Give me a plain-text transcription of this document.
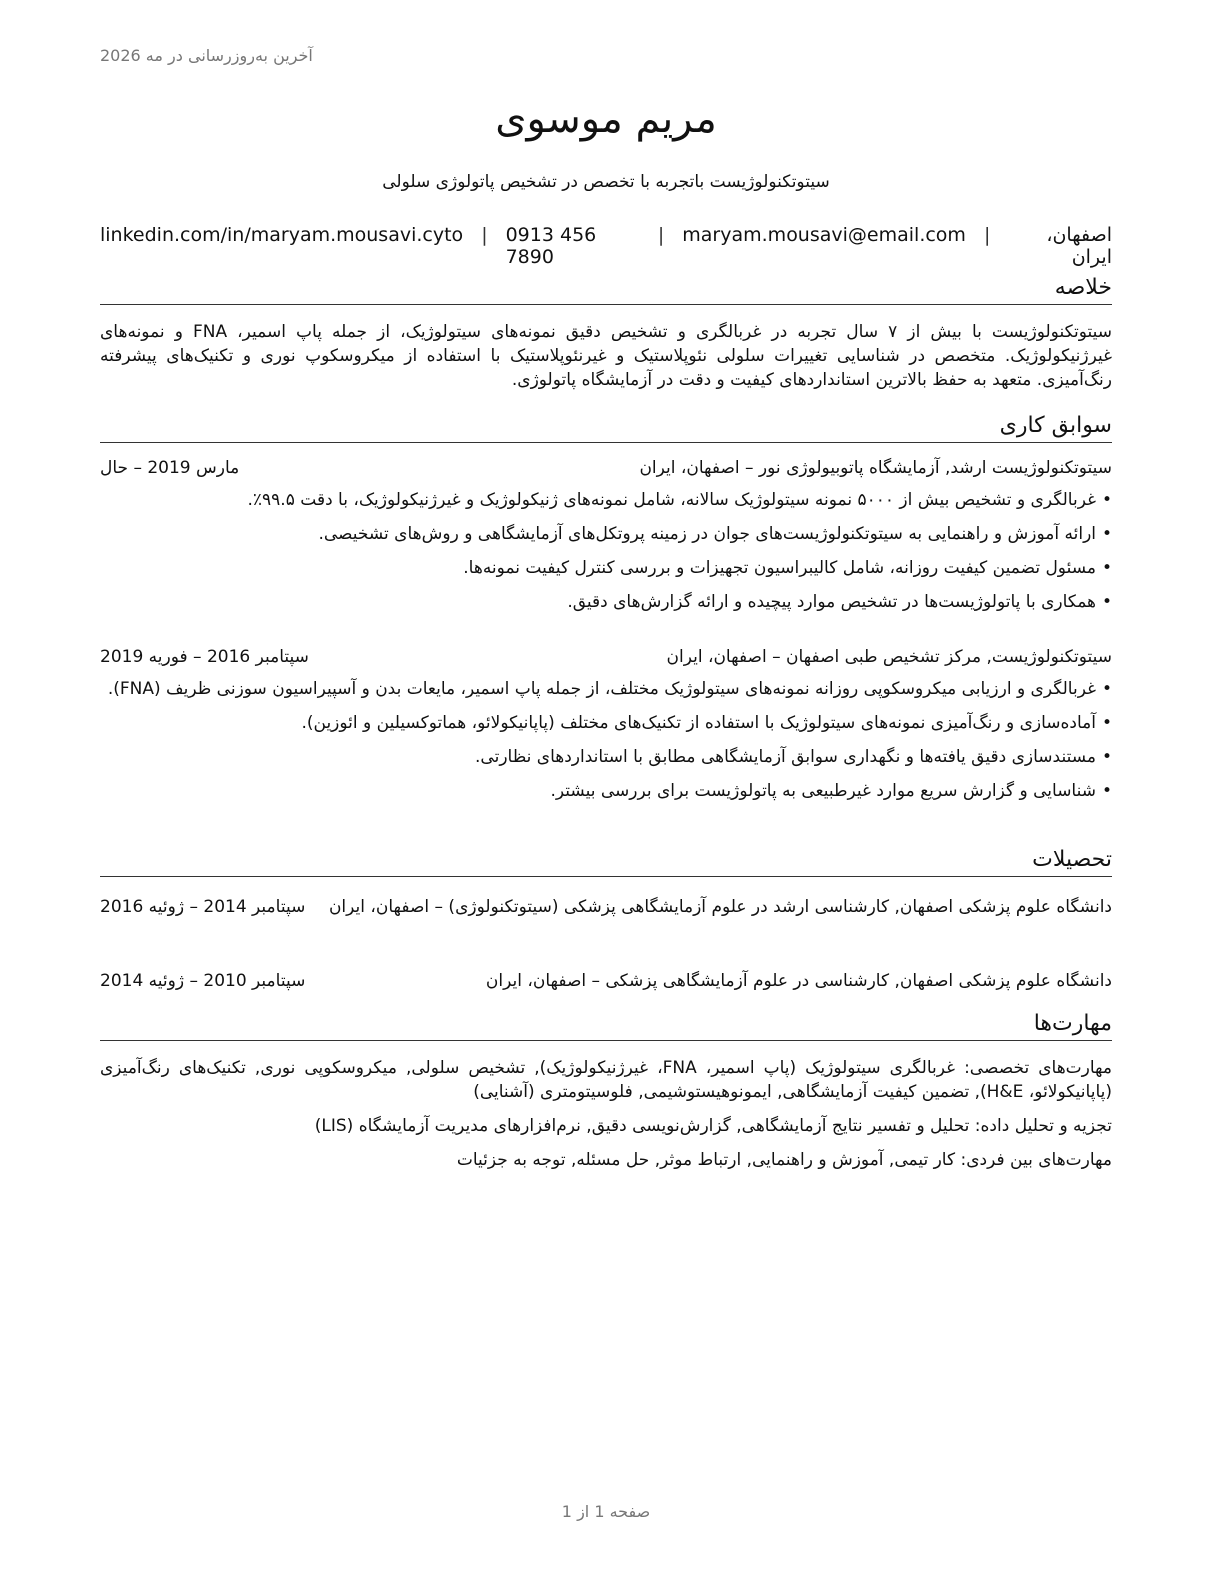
آخرین به‌روزرسانی در مه 2026
مریم موسوی
سیتوتکنولوژیست باتجربه با تخصص در تشخیص پاتولوژی سلولی
اصفهان، ایران
|
maryam.mousavi@email.com
|
0913 456 7890
|
linkedin.com/in/maryam.mousavi.cyto
خلاصه
سیتوتکنولوژیست با بیش از ۷ سال تجربه در غربالگری و تشخیص دقیق نمونه‌های سیتولوژیک، از جمله پاپ اسمیر، FNA و نمونه‌های غیرژنیکولوژیک. متخصص در شناسایی تغییرات سلولی نئوپلاستیک و غیرنئوپلاستیک با استفاده از میکروسکوپ نوری و تکنیک‌های پیشرفته رنگ‌آمیزی. متعهد به حفظ بالاترین استانداردهای کیفیت و دقت در آزمایشگاه پاتولوژی.
سوابق کاری
سیتوتکنولوژیست ارشد, آزمایشگاه پاتوبیولوژی نور – اصفهان، ایران
مارس 2019 – حال
• غربالگری و تشخیص بیش از ۵۰۰۰ نمونه سیتولوژیک سالانه، شامل نمونه‌های ژنیکولوژیک و غیرژنیکولوژیک، با دقت ۹۹.۵٪.
• ارائه آموزش و راهنمایی به سیتوتکنولوژیست‌های جوان در زمینه پروتکل‌های آزمایشگاهی و روش‌های تشخیصی.
• مسئول تضمین کیفیت روزانه، شامل کالیبراسیون تجهیزات و بررسی کنترل کیفیت نمونه‌ها.
• همکاری با پاتولوژیست‌ها در تشخیص موارد پیچیده و ارائه گزارش‌های دقیق.
سیتوتکنولوژیست, مرکز تشخیص طبی اصفهان – اصفهان، ایران
سپتامبر 2016 – فوریه 2019
• غربالگری و ارزیابی میکروسکوپی روزانه نمونه‌های سیتولوژیک مختلف، از جمله پاپ اسمیر، مایعات بدن و آسپیراسیون سوزنی ظریف (FNA).
• آماده‌سازی و رنگ‌آمیزی نمونه‌های سیتولوژیک با استفاده از تکنیک‌های مختلف (پاپانیکولائو، هماتوکسیلین و ائوزین).
• مستندسازی دقیق یافته‌ها و نگهداری سوابق آزمایشگاهی مطابق با استانداردهای نظارتی.
• شناسایی و گزارش سریع موارد غیرطبیعی به پاتولوژیست برای بررسی بیشتر.
تحصیلات
دانشگاه علوم پزشکی اصفهان, کارشناسی ارشد در علوم آزمایشگاهی پزشکی (سیتوتکنولوژی) – اصفهان، ایران
سپتامبر 2014 – ژوئیه 2016
دانشگاه علوم پزشکی اصفهان, کارشناسی در علوم آزمایشگاهی پزشکی – اصفهان، ایران
سپتامبر 2010 – ژوئیه 2014
مهارت‌ها
مهارت‌های تخصصی: غربالگری سیتولوژیک (پاپ اسمیر، FNA، غیرژنیکولوژیک), تشخیص سلولی, میکروسکوپی نوری, تکنیک‌های رنگ‌آمیزی (پاپانیکولائو، H&E), تضمین کیفیت آزمایشگاهی, ایمونوهیستوشیمی, فلوسیتومتری (آشنایی)
تجزیه و تحلیل داده: تحلیل و تفسیر نتایج آزمایشگاهی, گزارش‌نویسی دقیق, نرم‌افزارهای مدیریت آزمایشگاه (LIS)
مهارت‌های بین فردی: کار تیمی, آموزش و راهنمایی, ارتباط موثر, حل مسئله, توجه به جزئیات
صفحه 1 از 1
